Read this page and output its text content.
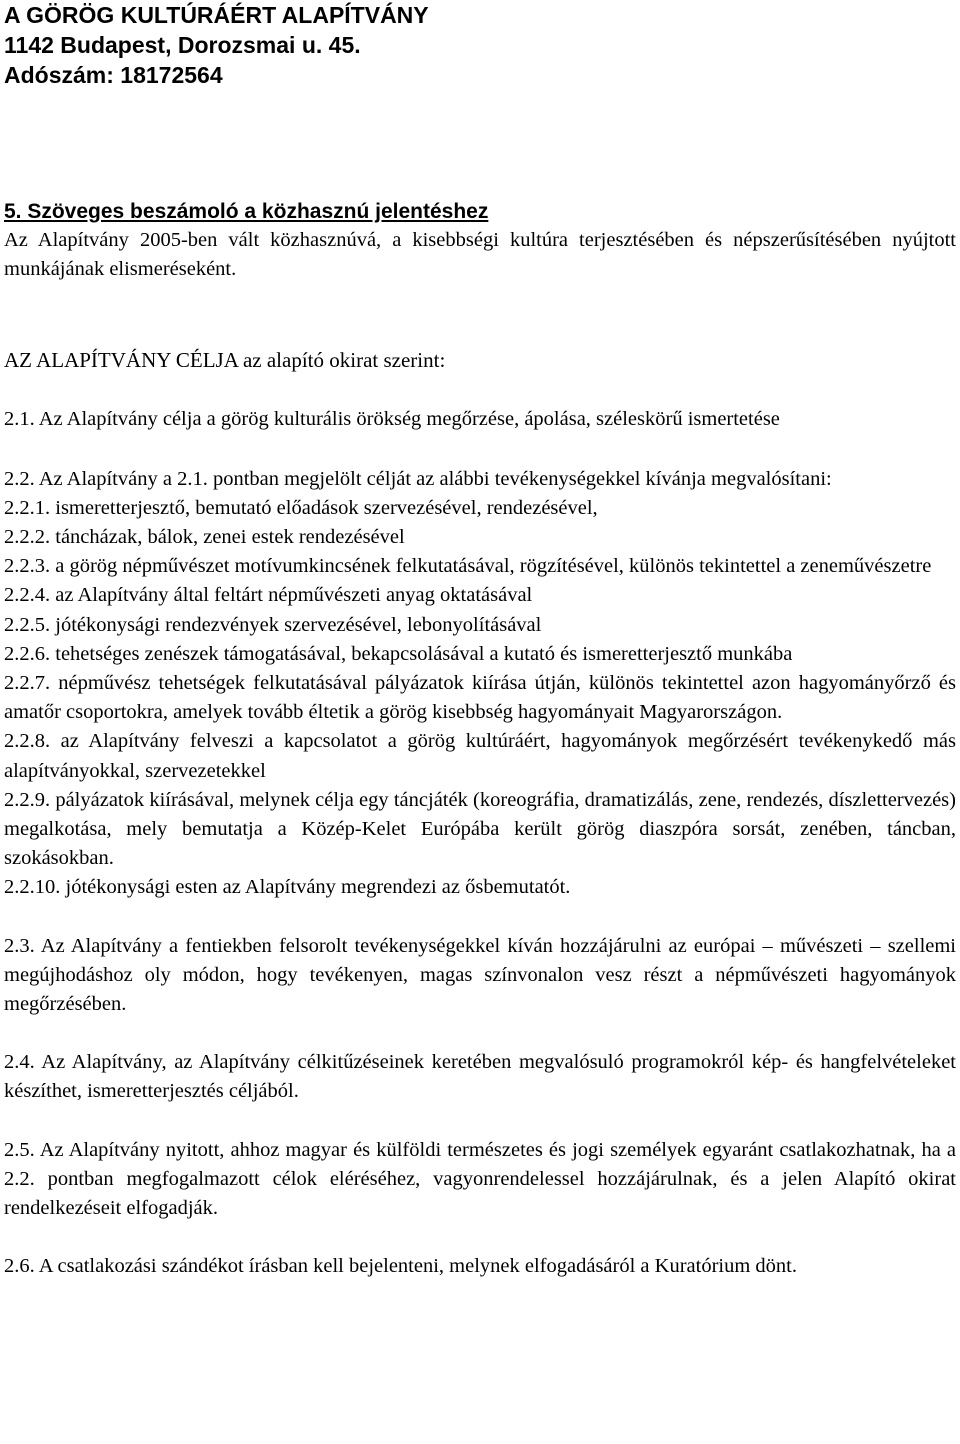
A GÖRÖG KULTÚRÁÉRT ALAPÍTVÁNY
1142 Budapest, Dorozsmai u. 45.
Adószám: 18172564
5. Szöveges beszámoló a közhasznú jelentéshez

Az Alapítvány 2005-ben vált közhasznúvá, a kisebbségi kultúra terjesztésében és népszerűsítésében nyújtott munkájának elismeréseként.

AZ ALAPÍTVÁNY CÉLJA az alapító okirat szerint:

2.1. Az Alapítvány célja a görög kulturális örökség megőrzése, ápolása, széleskörű ismertetése

2.2. Az Alapítvány a 2.1. pontban megjelölt célját az alábbi tevékenységekkel kívánja megvalósítani:

2.2.1. ismeretterjesztő, bemutató előadások szervezésével, rendezésével,

2.2.2. táncházak, bálok, zenei estek rendezésével

2.2.3. a görög népművészet motívumkincsének felkutatásával, rögzítésével, különös tekintettel a zeneművészetre

2.2.4. az Alapítvány által feltárt népművészeti anyag oktatásával

2.2.5. jótékonysági rendezvények szervezésével, lebonyolításával

2.2.6. tehetséges zenészek támogatásával, bekapcsolásával a kutató és ismeretterjesztő munkába

2.2.7. népművész tehetségek felkutatásával pályázatok kiírása útján, különös tekintettel azon hagyományőrző és amatőr csoportokra, amelyek tovább éltetik a görög kisebbség hagyományait Magyarországon.

2.2.8. az Alapítvány felveszi a kapcsolatot a görög kultúráért, hagyományok megőrzésért tevékenykedő más alapítványokkal, szervezetekkel

2.2.9. pályázatok kiírásával, melynek célja egy táncjáték (koreográfia, dramatizálás, zene, rendezés, díszlettervezés) megalkotása, mely bemutatja a Közép-Kelet Európába került görög diaszpóra sorsát, zenében, táncban, szokásokban.

2.2.10. jótékonysági esten az Alapítvány megrendezi az ősbemutatót.

2.3. Az Alapítvány a fentiekben felsorolt tevékenységekkel kíván hozzájárulni az európai – művészeti – szellemi megújhodáshoz oly módon, hogy tevékenyen, magas színvonalon vesz részt a népművészeti hagyományok megőrzésében.

2.4. Az Alapítvány, az Alapítvány célkitűzéseinek keretében megvalósuló programokról kép- és hangfelvételeket készíthet, ismeretterjesztés céljából.

2.5. Az Alapítvány nyitott, ahhoz magyar és külföldi természetes és jogi személyek egyaránt csatlakozhatnak, ha a 2.2. pontban megfogalmazott célok eléréséhez, vagyonrendelessel hozzájárulnak, és a jelen Alapító okirat rendelkezéseit elfogadják.

2.6. A csatlakozási szándékot írásban kell bejelenteni, melynek elfogadásáról a Kuratórium dönt.
